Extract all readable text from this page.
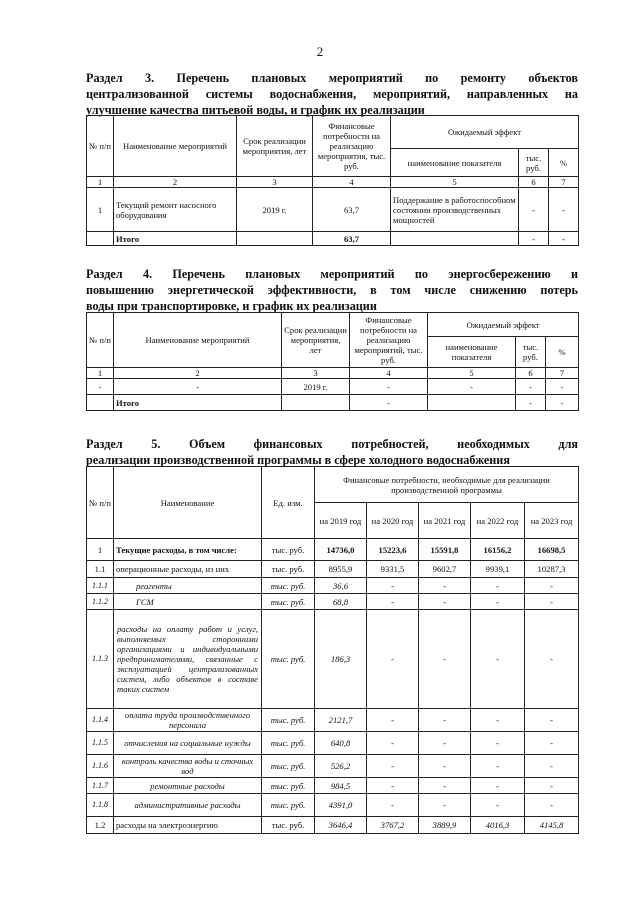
2
Раздел 3. Перечень плановых мероприятий по ремонту объектов
централизованной системы водоснабжения, мероприятий, направленных на
улучшение качества питьевой воды, и график их реализации
№ п/п	Наименование мероприятий	Срок реализации мероприятия, лет	Финансовые потребности на реализацию мероприятия, тыс. руб.	Ожидаемый эффект		
				наименование показателя	тыс. руб.	%
1	2	3	4	5	6	7
1	Текущий ремонт насосного оборудования	2019 г.	63,7	Поддержание в работоспособном состоянии производственных мощностей	-	-
	Итого		63,7		-	-
Раздел 4. Перечень плановых мероприятий по энергосбережению и
повышению энергетической эффективности, в том числе снижению потерь
воды при транспортировке, и график их реализации
№ п/п	Наименование мероприятий	Срок реализации мероприятия, лет	Финансовые потребности на реализацию мероприятий, тыс. руб.	Ожидаемый эффект		
				наименование показателя	тыс. руб.	%
1	2	3	4	5	6	7
-	-	2019 г.	-	-	-	-
	Итого		-		-	-
Раздел 5. Объем финансовых потребностей, необходимых для
реализации производственной программы в сфере холодного водоснабжения
№ п/п	Наименование	Ед. изм.	Финансовые потребности, необходимые для реализации производственной программы				
			на 2019 год	на 2020 год	на 2021 год	на 2022 год	на 2023 год
1	Текущие расходы, в том числе:	тыс. руб.	14736,0	15223,6	15591,8	16156,2	16698,5
1.1	операционные расходы, из них	тыс. руб.	8955,9	9331,5	9602,7	9939,1	10287,3
1.1.1	реагенты	тыс. руб.	36,6	-	-	-	-
1.1.2	ГСМ	тыс. руб.	68,8	-	-	-	-
1.1.3	расходы на оплату работ и услуг, выполняемых сторонними организациями и индивидуальными предпринимателями, связанные с эксплуатацией централизованных систем, либо объектов в составе таких систем	тыс. руб.	186,3	-	-	-	-
1.1.4	оплата труда производственного персонала	тыс. руб.	2121,7	-	-	-	-
1.1.5	отчисления на социальные нужды	тыс. руб.	640,8	-	-	-	-
1.1.6	контроль качества воды и сточных вод	тыс. руб.	526,2	-	-	-	-
1.1.7	ремонтные расходы	тыс. руб.	984,5	-	-	-	-
1.1.8	административные расходы	тыс. руб.	4391,0	-	-	-	-
1.2	расходы на электроэнергию	тыс. руб.	3646,4	3767,2	3889,9	4016,3	4145,8
